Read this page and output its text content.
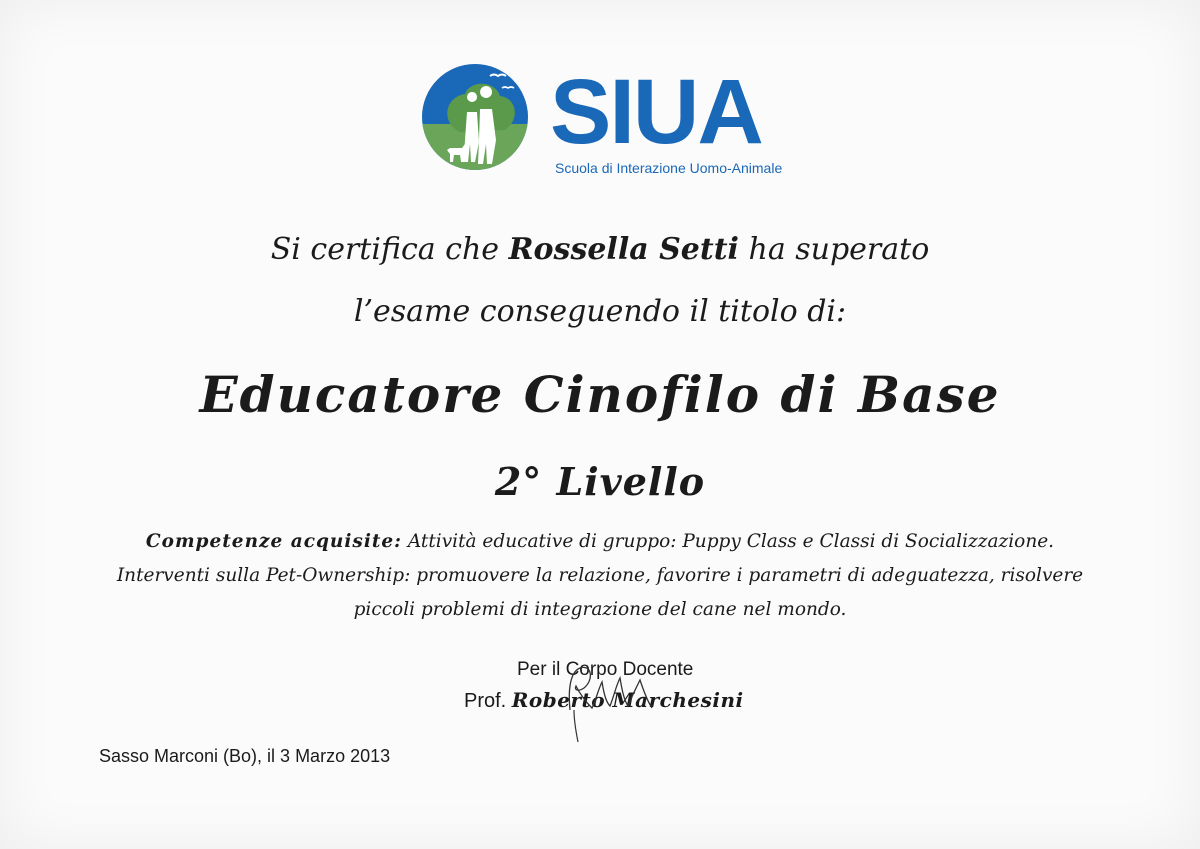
SIUA
Scuola di Interazione Uomo-Animale
Si certifica che Rossella Setti ha superato
l’esame conseguendo il titolo di:
Educatore Cinofilo di Base
2° Livello
Competenze acquisite: Attività educative di gruppo: Puppy Class e Classi di Socializzazione.
Interventi sulla Pet-Ownership: promuovere la relazione, favorire i parametri di adeguatezza, risolvere
piccoli problemi di integrazione del cane nel mondo.
Per il Corpo Docente
Prof. Roberto Marchesini
Sasso Marconi (Bo), il 3 Marzo 2013
